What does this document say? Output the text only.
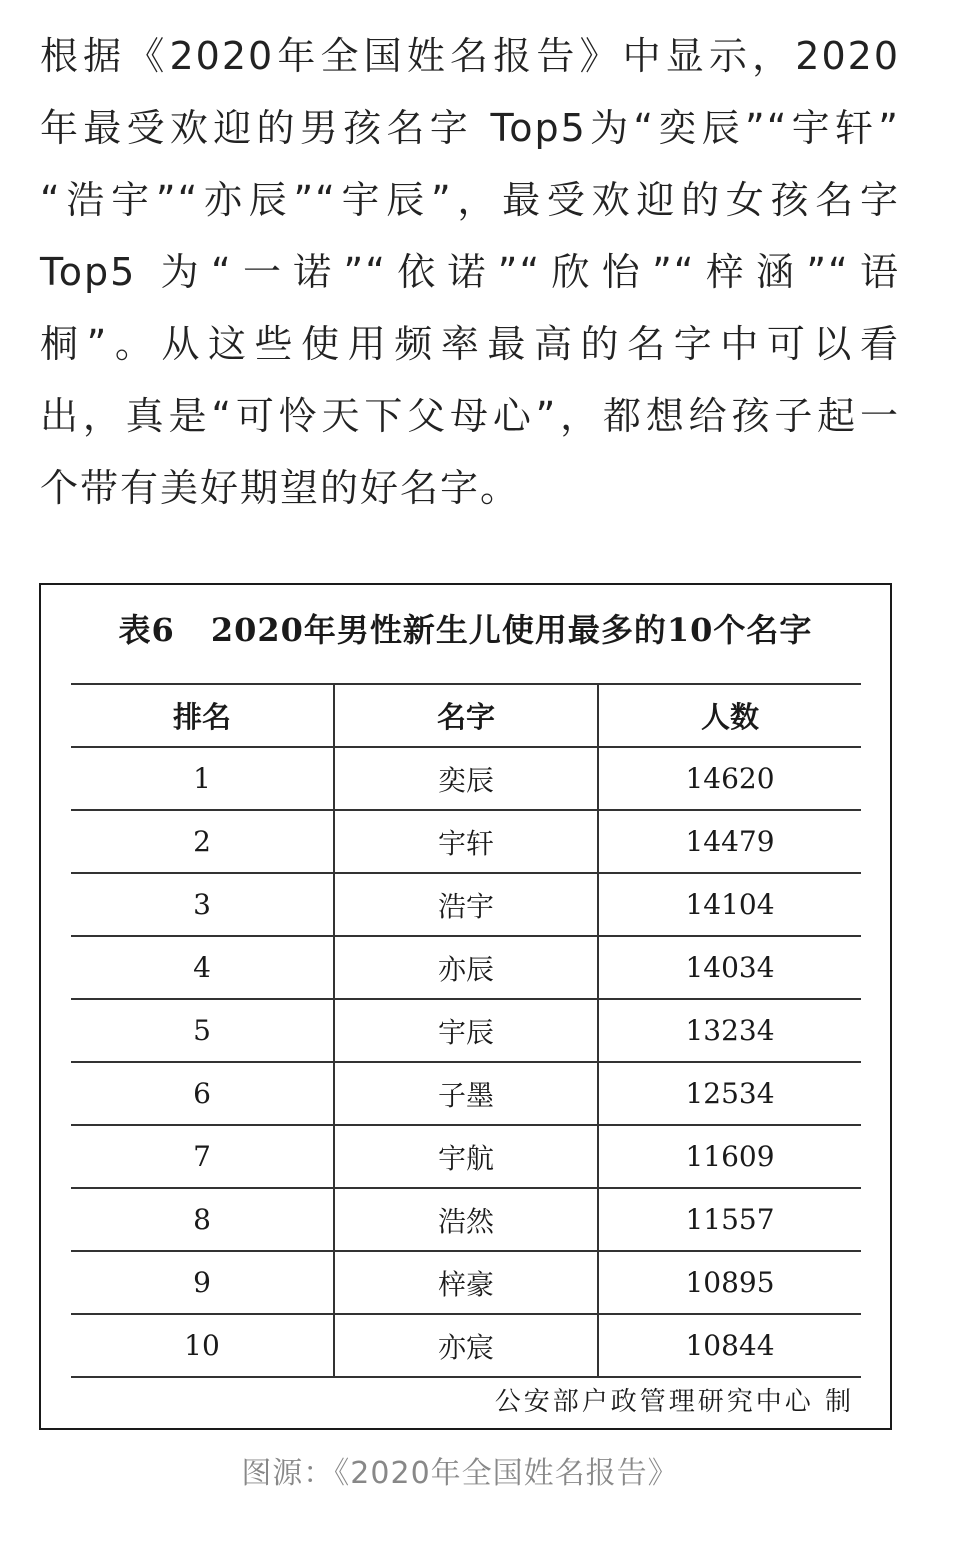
根据《2020年全国姓名报告》中显示，2020
年最受欢迎的男孩名字 Top5为“奕辰”“宇轩”
“浩宇”“亦辰”“宇辰”，最受欢迎的女孩名字
Top5 为“一诺”“依诺”“欣怡”“梓涵”“语
桐”。从这些使用频率最高的名字中可以看
出，真是“可怜天下父母心”，都想给孩子起一
个带有美好期望的好名字。
表6 2020年男性新生儿使用最多的10个名字
排名	名字	人数
1	奕辰	14620
2	宇轩	14479
3	浩宇	14104
4	亦辰	14034
5	宇辰	13234
6	子墨	12534
7	宇航	11609
8	浩然	11557
9	梓豪	10895
10	亦宸	10844
公安部户政管理研究中心 制
图源：《2020年全国姓名报告》
